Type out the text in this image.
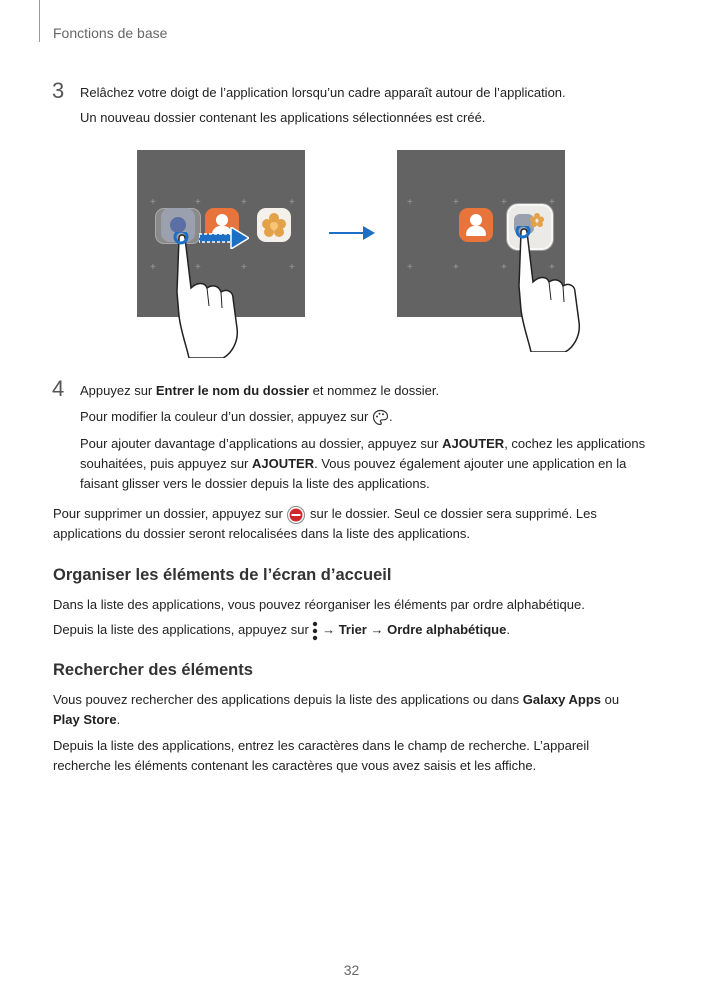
Fonctions de base
3 Relâchez votre doigt de l’application lorsqu’un cadre apparaît autour de l’application.
Un nouveau dossier contenant les applications sélectionnées est créé.
+	+	+	+
+	+	+	+
+	+	+	+
+	+	+	+
4 Appuyez sur Entrer le nom du dossier et nommez le dossier.
Pour modifier la couleur d’un dossier, appuyez sur .
Pour ajouter davantage d’applications au dossier, appuyez sur AJOUTER, cochez les applications
souhaitées, puis appuyez sur AJOUTER. Vous pouvez également ajouter une application en la
faisant glisser vers le dossier depuis la liste des applications.
Pour supprimer un dossier, appuyez sur  sur le dossier. Seul ce dossier sera supprimé. Les
applications du dossier seront relocalisées dans la liste des applications.
Organiser les éléments de l’écran d’accueil
Dans la liste des applications, vous pouvez réorganiser les éléments par ordre alphabétique.
Depuis la liste des applications, appuyez sur  → Trier → Ordre alphabétique.
Rechercher des éléments
Vous pouvez rechercher des applications depuis la liste des applications ou dans Galaxy Apps ou
Play Store.
Depuis la liste des applications, entrez les caractères dans le champ de recherche. L’appareil
recherche les éléments contenant les caractères que vous avez saisis et les affiche.
32
